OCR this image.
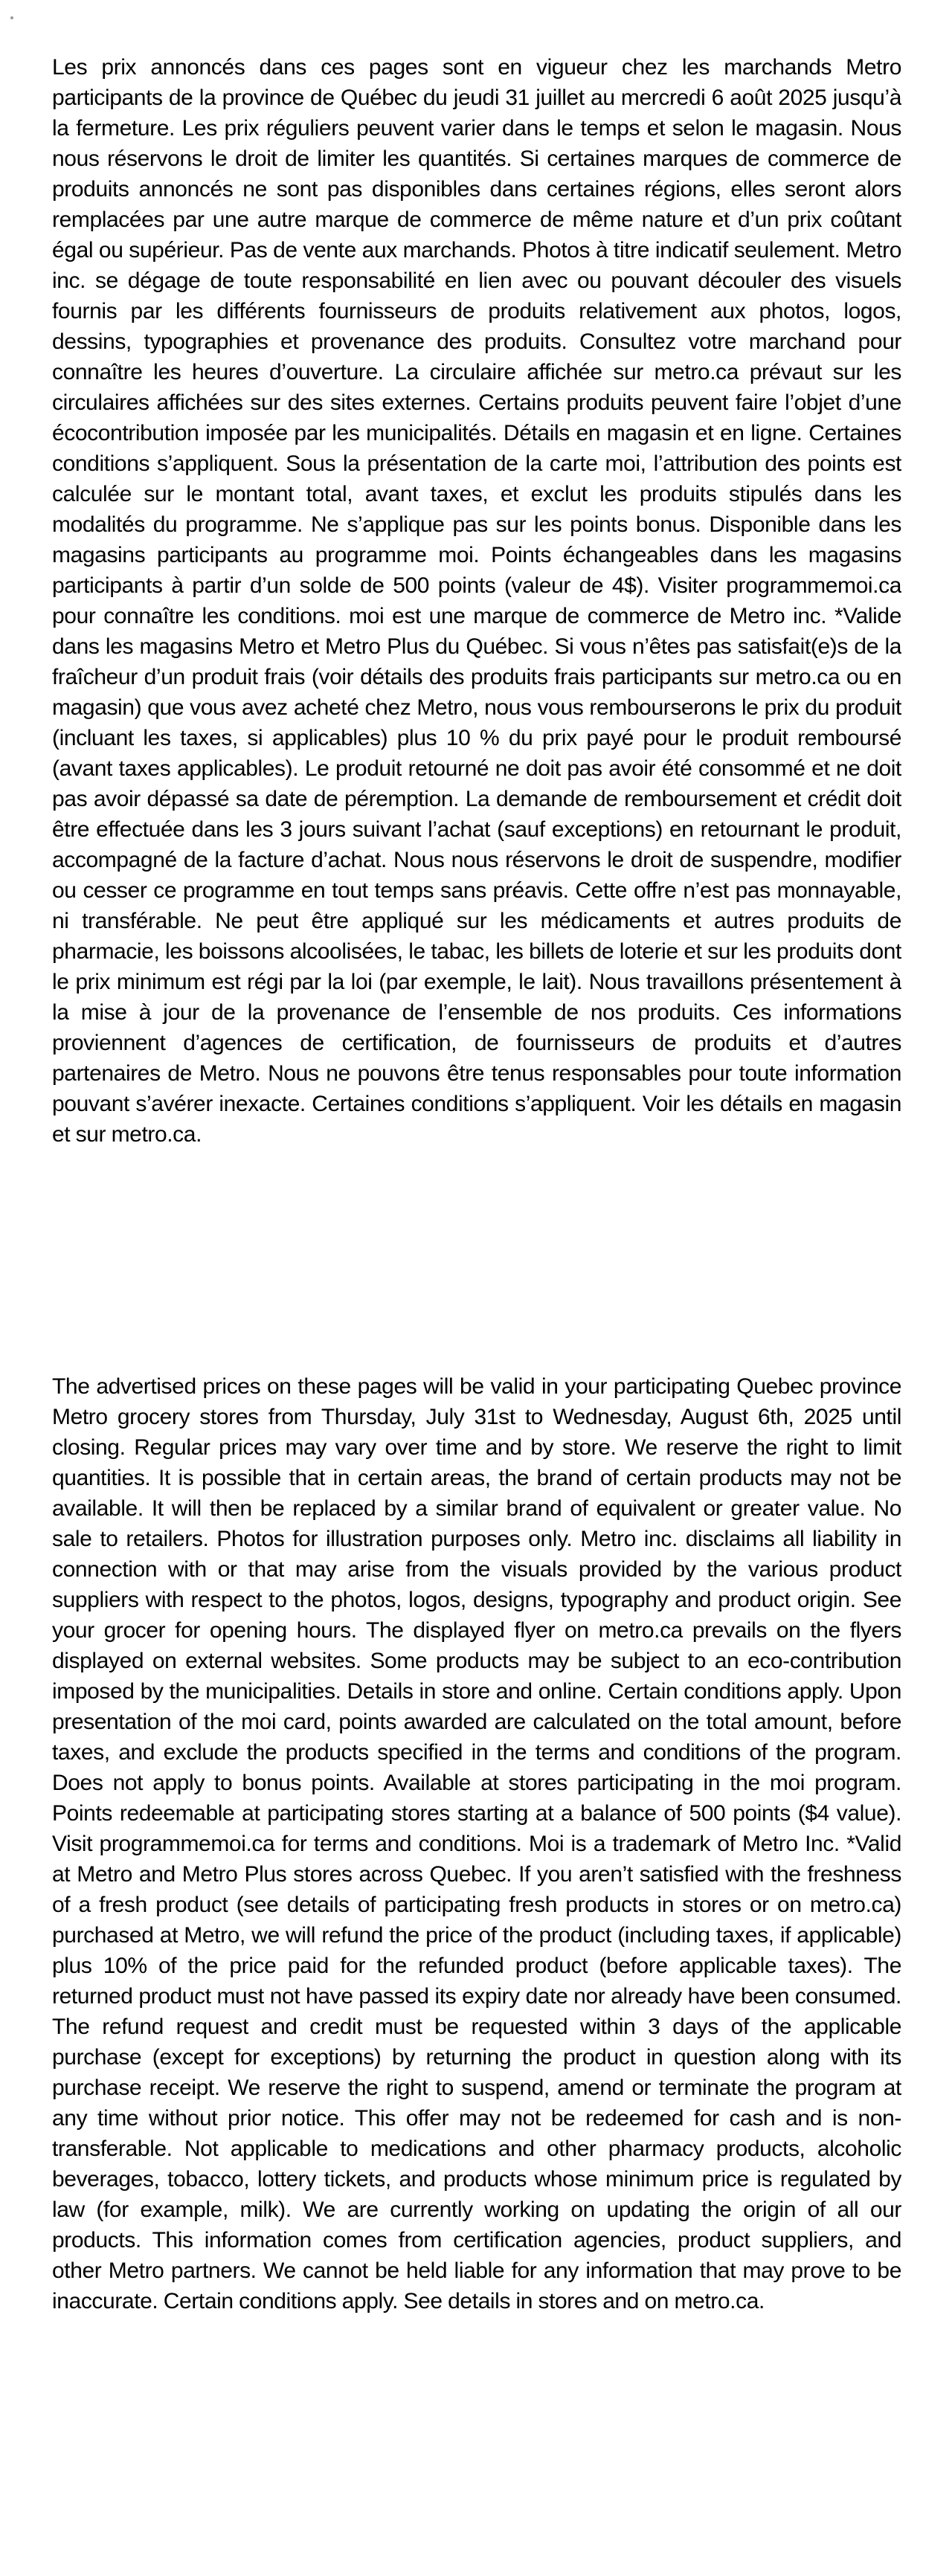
Les prix annoncés dans ces pages sont en vigueur chez les marchands Metro participants de la province de Québec du jeudi 31 juillet au mercredi 6 août 2025 jusqu’à la fermeture. Les prix réguliers peuvent varier dans le temps et selon le magasin. Nous nous réservons le droit de limiter les quantités. Si certaines marques de commerce de produits annoncés ne sont pas disponibles dans certaines régions, elles seront alors remplacées par une autre marque de commerce de même nature et d’un prix coûtant égal ou supérieur. Pas de vente aux marchands. Photos à titre indicatif seulement. Metro inc. se dégage de toute responsabilité en lien avec ou pouvant découler des visuels fournis par les différents fournisseurs de produits relativement aux photos, logos, dessins, typographies et provenance des produits. Consultez votre marchand pour connaître les heures d’ouverture. La circulaire affichée sur metro.ca prévaut sur les circulaires affichées sur des sites externes. Certains produits peuvent faire l’objet d’une écocontribution imposée par les municipalités. Détails en magasin et en ligne. Certaines conditions s’appliquent. Sous la présentation de la carte moi, l’attribution des points est calculée sur le montant total, avant taxes, et exclut les produits stipulés dans les modalités du programme. Ne s’applique pas sur les points bonus. Disponible dans les magasins participants au programme moi. Points échangeables dans les magasins participants à partir d’un solde de 500 points (valeur de 4$). Visiter programmemoi.ca pour connaître les conditions. moi est une marque de commerce de Metro inc. *Valide dans les magasins Metro et Metro Plus du Québec. Si vous n’êtes pas satisfait(e)s de la fraîcheur d’un produit frais (voir détails des produits frais participants sur metro.ca ou en magasin) que vous avez acheté chez Metro, nous vous rembourserons le prix du produit (incluant les taxes, si applicables) plus 10 % du prix payé pour le produit remboursé (avant taxes applicables). Le produit retourné ne doit pas avoir été consommé et ne doit pas avoir dépassé sa date de péremption. La demande de remboursement et crédit doit être effectuée dans les 3 jours suivant l’achat (sauf exceptions) en retournant le produit, accompagné de la facture d’achat. Nous nous réservons le droit de suspendre, modifier ou cesser ce programme en tout temps sans préavis. Cette offre n’est pas monnayable, ni transférable. Ne peut être appliqué sur les médicaments et autres produits de pharmacie, les boissons alcoolisées, le tabac, les billets de loterie et sur les produits dont le prix minimum est régi par la loi (par exemple, le lait). Nous travaillons présentement à la mise à jour de la provenance de l’ensemble de nos produits. Ces informations proviennent d’agences de certification, de fournisseurs de produits et d’autres partenaires de Metro. Nous ne pouvons être tenus responsables pour toute information pouvant s’avérer inexacte. Certaines conditions s’appliquent. Voir les détails en magasin et sur metro.ca.

The advertised prices on these pages will be valid in your participating Quebec province Metro grocery stores from Thursday, July 31st to Wednesday, August 6th, 2025 until closing. Regular prices may vary over time and by store. We reserve the right to limit quantities. It is possible that in certain areas, the brand of certain products may not be available. It will then be replaced by a similar brand of equivalent or greater value. No sale to retailers. Photos for illustration purposes only. Metro inc. disclaims all liability in connection with or that may arise from the visuals provided by the various product suppliers with respect to the photos, logos, designs, typography and product origin. See your grocer for opening hours. The displayed flyer on metro.ca prevails on the flyers displayed on external websites. Some products may be subject to an eco-contribution imposed by the municipalities. Details in store and online. Certain conditions apply. Upon presentation of the moi card, points awarded are calculated on the total amount, before taxes, and exclude the products specified in the terms and conditions of the program. Does not apply to bonus points. Available at stores participating in the moi program. Points redeemable at participating stores starting at a balance of 500 points ($4 value). Visit programmemoi.ca for terms and conditions. Moi is a trademark of Metro Inc. *Valid at Metro and Metro Plus stores across Quebec. If you aren’t satisfied with the freshness of a fresh product (see details of participating fresh products in stores or on metro.ca) purchased at Metro, we will refund the price of the product (including taxes, if applicable) plus 10% of the price paid for the refunded product (before applicable taxes). The returned product must not have passed its expiry date nor already have been consumed. The refund request and credit must be requested within 3 days of the applicable purchase (except for exceptions) by returning the product in question along with its purchase receipt. We reserve the right to suspend, amend or terminate the program at any time without prior notice. This offer may not be redeemed for cash and is non-transferable. Not applicable to medications and other pharmacy products, alcoholic beverages, tobacco, lottery tickets, and products whose minimum price is regulated by law (for example, milk). We are currently working on updating the origin of all our products. This information comes from certification agencies, product suppliers, and other Metro partners. We cannot be held liable for any information that may prove to be inaccurate. Certain conditions apply. See details in stores and on metro.ca.
